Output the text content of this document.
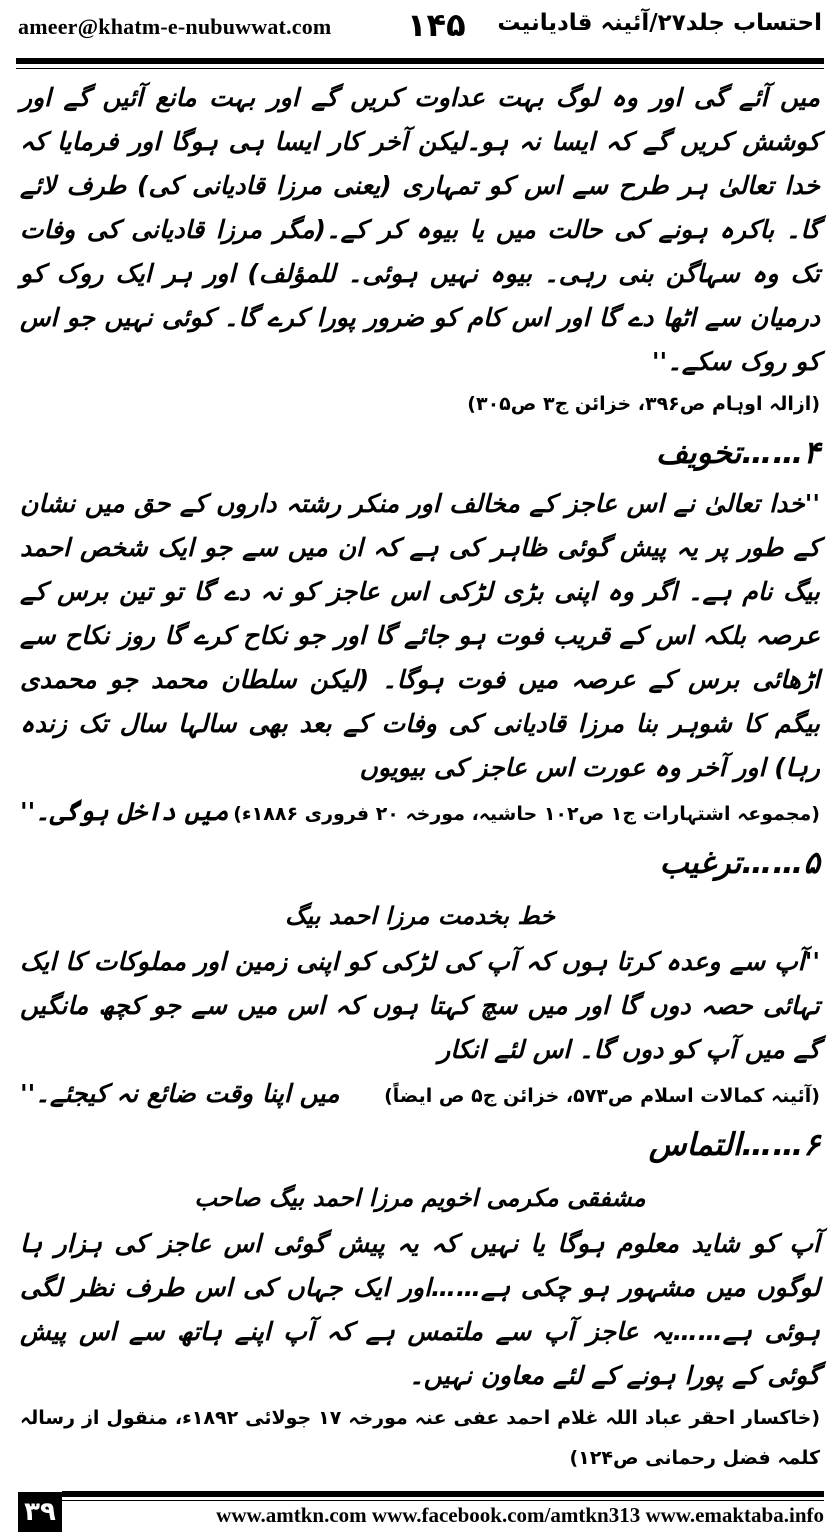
ameer@khatm-e-nubuwwat.com ۱۴۵ احتساب جلد۲۷/آئینہ قادیانیت

میں آئے گی اور وہ لوگ بہت عداوت کریں گے اور بہت مانع آئیں گے اور کوشش کریں گے کہ ایسا نہ ہو۔لیکن آخر کار ایسا ہی ہوگا اور فرمایا کہ خدا تعالیٰ ہر طرح سے اس کو تمہاری (یعنی مرزا قادیانی کی) طرف لائے گا۔ باکرہ ہونے کی حالت میں یا بیوہ کر کے۔(مگر مرزا قادیانی کی وفات تک وہ سہاگن بنی رہی۔ بیوہ نہیں ہوئی۔ للمؤلف) اور ہر ایک روک کو درمیان سے اٹھا دے گا اور اس کام کو ضرور پورا کرے گا۔ کوئی نہیں جو اس کو روک سکے۔''

(ازالہ اوہام ص۳۹۶، خزائن ج۳ ص۳۰۵)

۴……تخویف

''خدا تعالیٰ نے اس عاجز کے مخالف اور منکر رشتہ داروں کے حق میں نشان کے طور پر یہ پیش گوئی ظاہر کی ہے کہ ان میں سے جو ایک شخص احمد بیگ نام ہے۔ اگر وہ اپنی بڑی لڑکی اس عاجز کو نہ دے گا تو تین برس کے عرصہ بلکہ اس کے قریب فوت ہو جائے گا اور جو نکاح کرے گا روز نکاح سے اڑھائی برس کے عرصہ میں فوت ہوگا۔ (لیکن سلطان محمد جو محمدی بیگم کا شوہر بنا مرزا قادیانی کی وفات کے بعد بھی سالہا سال تک زندہ رہا) اور آخر وہ عورت اس عاجز کی بیویوں

میں داخل ہوگی۔'' (مجموعہ اشتہارات ج۱ ص۱۰۲ حاشیہ، مورخہ ۲۰ فروری ۱۸۸۶ء)

۵……ترغیب

خط بخدمت مرزا احمد بیگ

''آپ سے وعدہ کرتا ہوں کہ آپ کی لڑکی کو اپنی زمین اور مملوکات کا ایک تہائی حصہ دوں گا اور میں سچ کہتا ہوں کہ اس میں سے جو کچھ مانگیں گے میں آپ کو دوں گا۔ اس لئے انکار

میں اپنا وقت ضائع نہ کیجئے۔'' (آئینہ کمالات اسلام ص۵۷۳، خزائن ج۵ ص ایضاً)

۶……التماس

مشفقی مکرمی اخویم مرزا احمد بیگ صاحب

آپ کو شاید معلوم ہوگا یا نہیں کہ یہ پیش گوئی اس عاجز کی ہزار ہا لوگوں میں مشہور ہو چکی ہے……اور ایک جہاں کی اس طرف نظر لگی ہوئی ہے……یہ عاجز آپ سے ملتمس ہے کہ آپ اپنے ہاتھ سے اس پیش گوئی کے پورا ہونے کے لئے معاون نہیں۔

(خاکسار احقر عباد اللہ غلام احمد عفی عنہ مورخہ ۱۷ جولائی ۱۸۹۲ء، منقول از رسالہ کلمہ فضل رحمانی ص۱۲۴)

۳۹	www.amtkn.com www.facebook.com/amtkn313 www.emaktaba.info
